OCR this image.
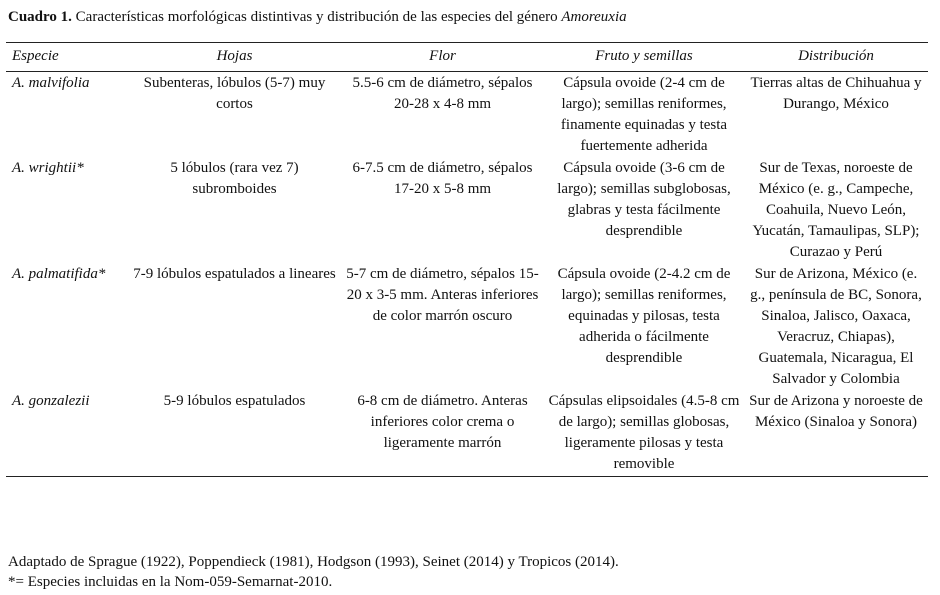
Cuadro 1. Características morfológicas distintivas y distribución de las especies del género Amoreuxia
Especie	Hojas	Flor	Fruto y semillas	Distribución
A. malvifolia	Subenteras, lóbulos (5-7) muy cortos	5.5-6 cm de diámetro, sépalos 20-28 x 4-8 mm	Cápsula ovoide (2-4 cm de largo); semillas reniformes, finamente equinadas y testa fuertemente adherida	Tierras altas de Chihuahua y Durango, México
A. wrightii*	5 lóbulos (rara vez 7) subromboides	6-7.5 cm de diámetro, sépalos 17-20 x 5-8 mm	Cápsula ovoide (3-6 cm de largo); semillas subglobosas, glabras y testa fácilmente desprendible	Sur de Texas, noroeste de México (e. g., Campeche, Coahuila, Nuevo León, Yucatán, Tamaulipas, SLP); Curazao y Perú
A. palmatifida*	7-9 lóbulos espatulados a lineares	5-7 cm de diámetro, sépalos 15-20 x 3-5 mm. Anteras inferiores de color marrón oscuro	Cápsula ovoide (2-4.2 cm de largo); semillas reniformes, equinadas y pilosas, testa adherida o fácilmente desprendible	Sur de Arizona, México (e. g., península de BC, Sonora, Sinaloa, Jalisco, Oaxaca, Veracruz, Chiapas), Guatemala, Nicaragua, El Salvador y Colombia
A. gonzalezii	5-9 lóbulos espatulados	6-8 cm de diámetro. Anteras inferiores color crema o ligeramente marrón	Cápsulas elipsoidales (4.5-8 cm de largo); semillas globosas, ligeramente pilosas y testa removible	Sur de Arizona y noroeste de México (Sinaloa y Sonora)
Adaptado de Sprague (1922), Poppendieck (1981), Hodgson (1993), Seinet (2014) y Tropicos (2014).
*= Especies incluidas en la Nom-059-Semarnat-2010.
